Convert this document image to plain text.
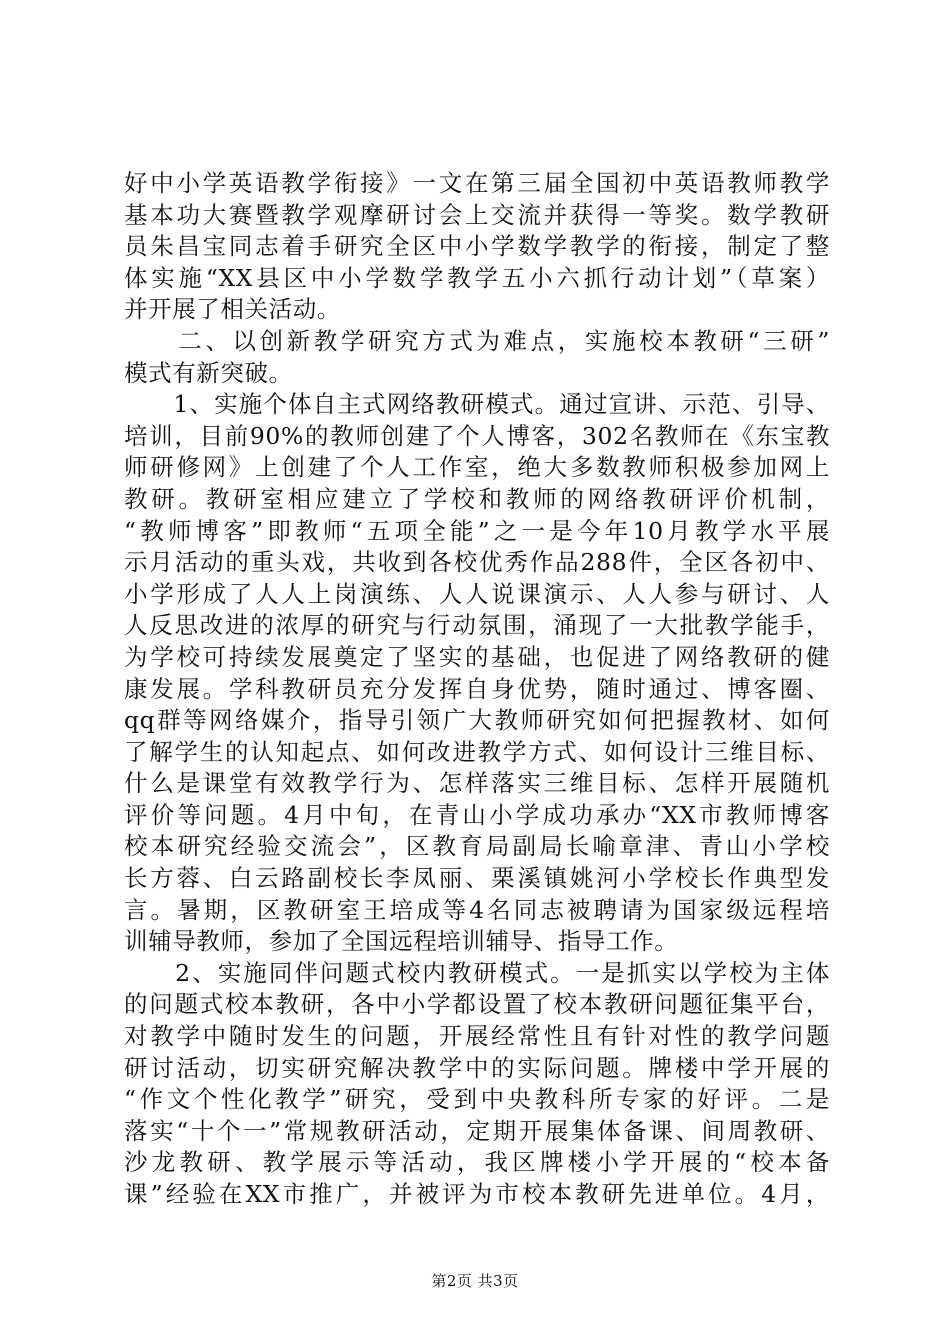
好中小学英语教学衔接》一文在第三届全国初中英语教师教学
基本功大赛暨教学观摩研讨会上交流并获得一等奖。数学教研
员朱昌宝同志着手研究全区中小学数学教学的衔接，制定了整
体实施“XX县区中小学数学教学五小六抓行动计划”（草案）
并开展了相关活动。
　　二、以创新教学研究方式为难点，实施校本教研“三研”
模式有新突破。
　　1、实施个体自主式网络教研模式。通过宣讲、示范、引导、
培训，目前90%的教师创建了个人博客，302名教师在《东宝教
师研修网》上创建了个人工作室，绝大多数教师积极参加网上
教研。教研室相应建立了学校和教师的网络教研评价机制，
“教师博客”即教师“五项全能”之一是今年10月教学水平展
示月活动的重头戏，共收到各校优秀作品288件，全区各初中、
小学形成了人人上岗演练、人人说课演示、人人参与研讨、人
人反思改进的浓厚的研究与行动氛围，涌现了一大批教学能手，
为学校可持续发展奠定了坚实的基础，也促进了网络教研的健
康发展。学科教研员充分发挥自身优势，随时通过、博客圈、
qq群等网络媒介，指导引领广大教师研究如何把握教材、如何
了解学生的认知起点、如何改进教学方式、如何设计三维目标、
什么是课堂有效教学行为、怎样落实三维目标、怎样开展随机
评价等问题。4月中旬，在青山小学成功承办“XX市教师博客
校本研究经验交流会”，区教育局副局长喻章津、青山小学校
长方蓉、白云路副校长李凤丽、栗溪镇姚河小学校长作典型发
言。暑期，区教研室王培成等4名同志被聘请为国家级远程培
训辅导教师，参加了全国远程培训辅导、指导工作。
　　2、实施同伴问题式校内教研模式。一是抓实以学校为主体
的问题式校本教研，各中小学都设置了校本教研问题征集平台，
对教学中随时发生的问题，开展经常性且有针对性的教学问题
研讨活动，切实研究解决教学中的实际问题。牌楼中学开展的
“作文个性化教学”研究，受到中央教科所专家的好评。二是
落实“十个一”常规教研活动，定期开展集体备课、间周教研、
沙龙教研、教学展示等活动，我区牌楼小学开展的“校本备
课”经验在XX市推广，并被评为市校本教研先进单位。4月，
第2页 共3页
